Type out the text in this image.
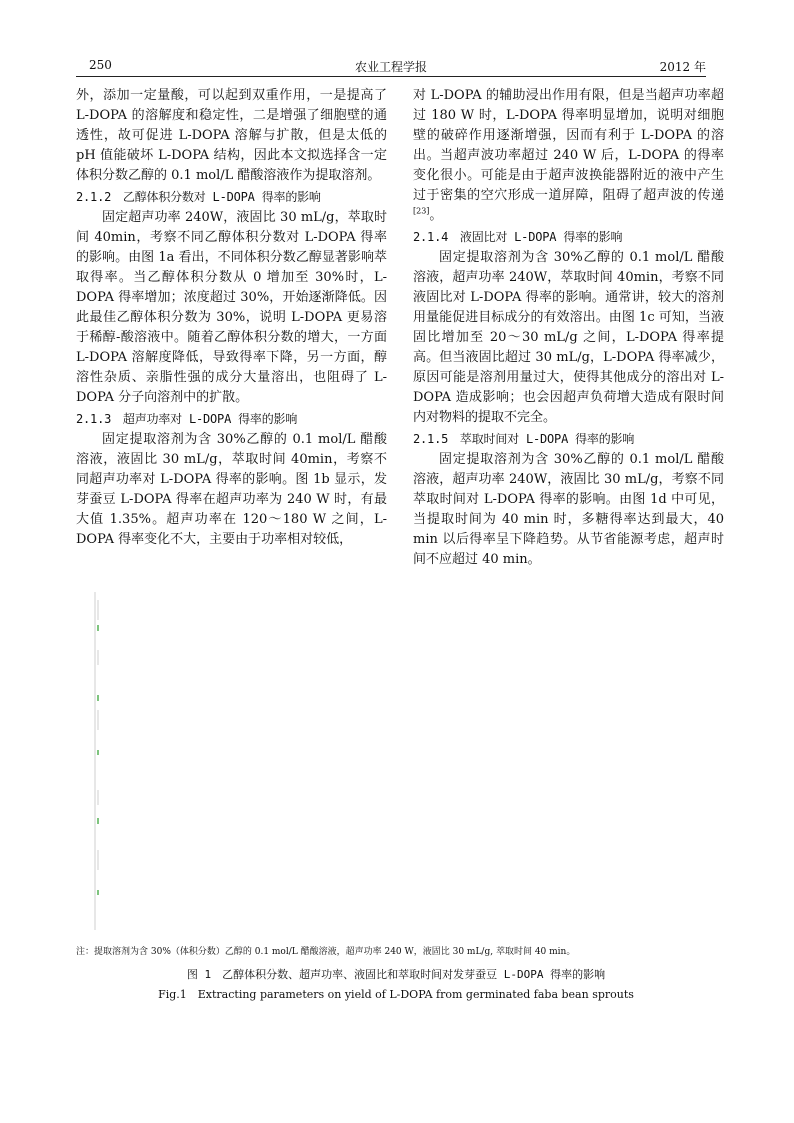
250	农业工程学报	2012 年

外，添加一定量酸，可以起到双重作用，一是提高了 L-DOPA 的溶解度和稳定性，二是增强了细胞壁的通透性，故可促进 L-DOPA 溶解与扩散，但是太低的 pH 值能破坏 L-DOPA 结构，因此本文拟选择含一定体积分数乙醇的 0.1 mol/L 醋酸溶液作为提取溶剂。

2.1.2　乙醇体积分数对 L-DOPA 得率的影响

固定超声功率 240W，液固比 30 mL/g，萃取时间 40min，考察不同乙醇体积分数对 L-DOPA 得率的影响。由图 1a 看出，不同体积分数乙醇显著影响萃取得率。当乙醇体积分数从 0 增加至 30%时，L-DOPA 得率增加；浓度超过 30%，开始逐渐降低。因此最佳乙醇体积分数为 30%，说明 L-DOPA 更易溶于稀醇-酸溶液中。随着乙醇体积分数的增大，一方面 L-DOPA 溶解度降低，导致得率下降，另一方面，醇溶性杂质、亲脂性强的成分大量溶出，也阻碍了 L-DOPA 分子向溶剂中的扩散。

2.1.3　超声功率对 L-DOPA 得率的影响

固定提取溶剂为含 30%乙醇的 0.1 mol/L 醋酸溶液，液固比 30 mL/g，萃取时间 40min，考察不同超声功率对 L-DOPA 得率的影响。图 1b 显示，发芽蚕豆 L-DOPA 得率在超声功率为 240 W 时，有最大值 1.35%。超声功率在 120～180 W 之间，L-DOPA 得率变化不大，主要由于功率相对较低，

对 L-DOPA 的辅助浸出作用有限，但是当超声功率超过 180 W 时，L-DOPA 得率明显增加，说明对细胞壁的破碎作用逐渐增强，因而有利于 L-DOPA 的溶出。当超声波功率超过 240 W 后，L-DOPA 的得率变化很小。可能是由于超声波换能器附近的液中产生过于密集的空穴形成一道屏障，阻碍了超声波的传递[23]。

2.1.4　液固比对 L-DOPA 得率的影响

固定提取溶剂为含 30%乙醇的 0.1 mol/L 醋酸溶液，超声功率 240W，萃取时间 40min，考察不同液固比对 L-DOPA 得率的影响。通常讲，较大的溶剂用量能促进目标成分的有效溶出。由图 1c 可知，当液固比增加至 20～30 mL/g 之间，L-DOPA 得率提高。但当液固比超过 30 mL/g，L-DOPA 得率减少，原因可能是溶剂用量过大，使得其他成分的溶出对 L-DOPA 造成影响；也会因超声负荷增大造成有限时间内对物料的提取不完全。

2.1.5　萃取时间对 L-DOPA 得率的影响

固定提取溶剂为含 30%乙醇的 0.1 mol/L 醋酸溶液，超声功率 240W，液固比 30 mL/g，考察不同萃取时间对 L-DOPA 得率的影响。由图 1d 中可见，当提取时间为 40 min 时，多糖得率达到最大，40 min 以后得率呈下降趋势。从节省能源考虑，超声时间不应超过 40 min。

注：提取溶剂为含 30%（体积分数）乙醇的 0.1 mol/L 醋酸溶液，超声功率 240 W，液固比 30 mL/g, 萃取时间 40 min。
图 1　乙醇体积分数、超声功率、液固比和萃取时间对发芽蚕豆 L-DOPA 得率的影响
Fig.1　Extracting parameters on yield of L-DOPA from germinated faba bean sprouts
